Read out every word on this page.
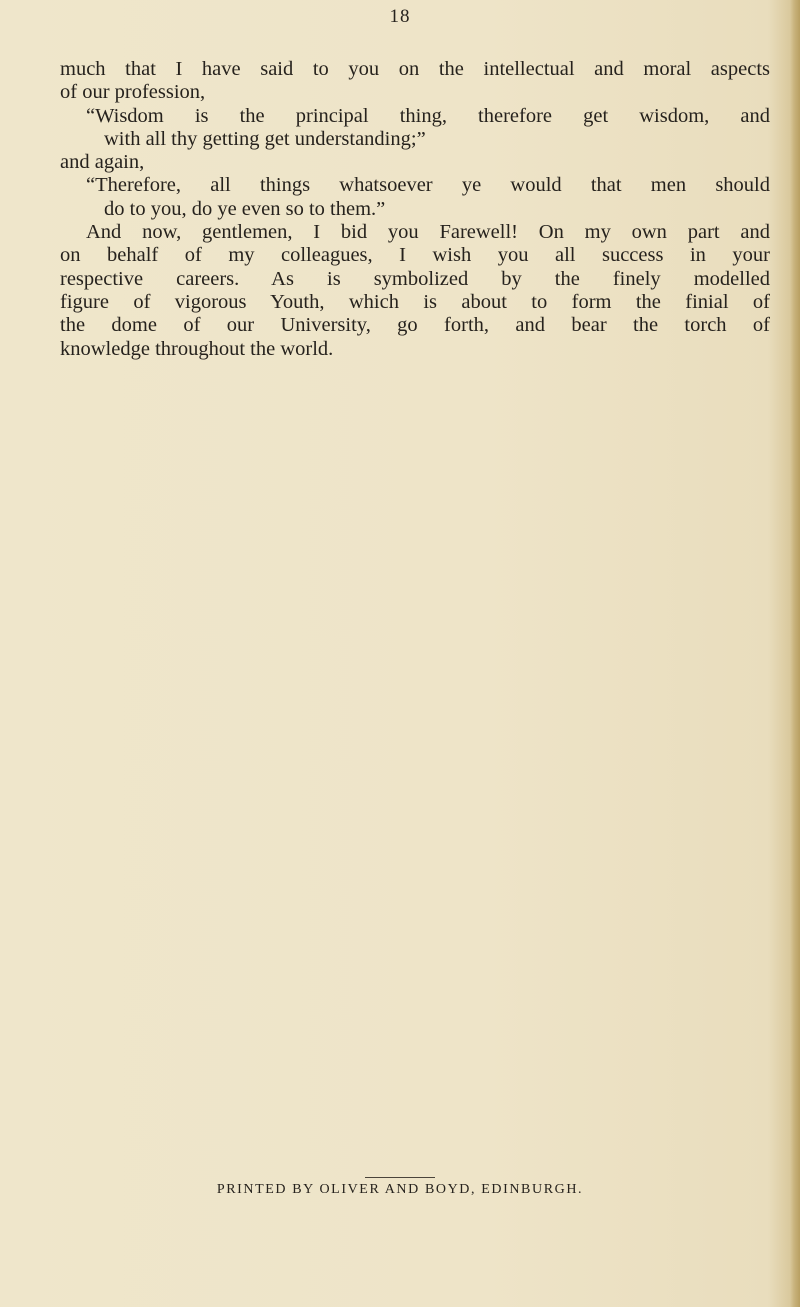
18
much that I have said to you on the intellectual and moral aspects
of our profession,
“Wisdom is the principal thing, therefore get wisdom, and
with all thy getting get understanding;”
and again,
“Therefore, all things whatsoever ye would that men should
do to you, do ye even so to them.”
And now, gentlemen, I bid you Farewell! On my own part and
on behalf of my colleagues, I wish you all success in your
respective careers. As is symbolized by the finely modelled
figure of vigorous Youth, which is about to form the finial of
the dome of our University, go forth, and bear the torch of
knowledge throughout the world.
PRINTED BY OLIVER AND BOYD, EDINBURGH.
